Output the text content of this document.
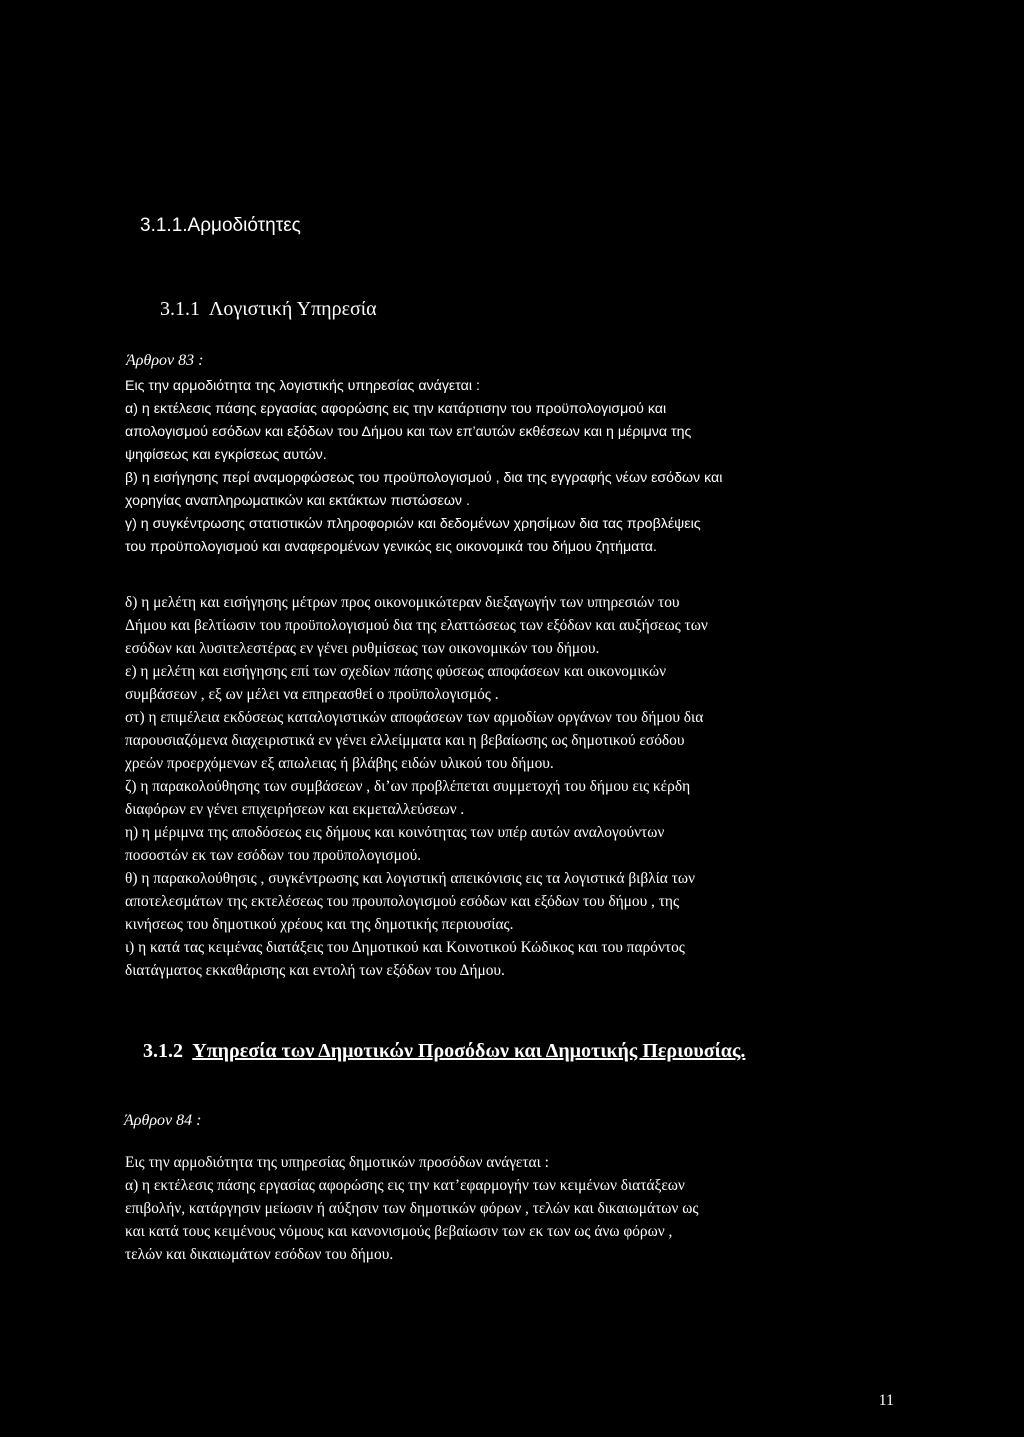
3.1.1.Αρμοδιότητες

3.1.1 Λογιστική Υπηρεσία

Άρθρον 83 :

Εις την αρμοδιότητα της λογιστικής υπηρεσίας ανάγεται :
α) η εκτέλεσις πάσης εργασίας αφορώσης εις την κατάρτισην του προϋπολογισμού και
απολογισμού εσόδων και εξόδων του Δήμου και των επ’αυτών εκθέσεων και η μέριμνα της
ψηφίσεως και εγκρίσεως αυτών.
β) η εισήγησης περί αναμορφώσεως του προϋπολογισμού , δια της εγγραφής νέων εσόδων και
χορηγίας αναπληρωματικών και εκτάκτων πιστώσεων .
γ) η συγκέντρωσης στατιστικών πληροφοριών και δεδομένων χρησίμων δια τας προβλέψεις
του προϋπολογισμού και αναφερομένων γενικώς εις οικονομικά του δήμου ζητήματα.
δ) η μελέτη και εισήγησης μέτρων προς οικονομικώτεραν διεξαγωγήν των υπηρεσιών του
Δήμου και βελτίωσιν του προϋπολογισμού δια της ελαττώσεως των εξόδων και αυξήσεως των
εσόδων και λυσιτελεστέρας εν γένει ρυθμίσεως των οικονομικών του δήμου.
ε) η μελέτη και εισήγησης επί των σχεδίων πάσης φύσεως αποφάσεων και οικονομικών
συμβάσεων , εξ ων μέλει να επηρεασθεί ο προϋπολογισμός .
στ) η επιμέλεια εκδόσεως καταλογιστικών αποφάσεων των αρμοδίων οργάνων του δήμου δια
παρουσιαζόμενα διαχειριστικά εν γένει ελλείμματα και η βεβαίωσης ως δημοτικού εσόδου
χρεών προερχόμενων εξ απωλειας ή βλάβης ειδών υλικού του δήμου.
ζ) η παρακολούθησης των συμβάσεων , δι’ων προβλέπεται συμμετοχή του δήμου εις κέρδη
διαφόρων εν γένει επιχειρήσεων και εκμεταλλεύσεων .
η) η μέριμνα της αποδόσεως εις δήμους και κοινότητας των υπέρ αυτών αναλογούντων
ποσοστών εκ των εσόδων του προϋπολογισμού.
θ) η παρακολούθησις , συγκέντρωσης και λογιστική απεικόνισις εις τα λογιστικά βιβλία των
αποτελεσμάτων της εκτελέσεως του προυπολογισμού εσόδων και εξόδων του δήμου , της
κινήσεως του δημοτικού χρέους και της δημοτικής περιουσίας.
ι) η κατά τας κειμένας διατάξεις του Δημοτικού και Κοινοτικού Κώδικος και του παρόντος
διατάγματος εκκαθάρισης και εντολή των εξόδων του Δήμου.

3.1.2 Υπηρεσία των Δημοτικών Προσόδων και Δημοτικής Περιουσίας.

Άρθρον 84 :

Εις την αρμοδιότητα της υπηρεσίας δημοτικών προσόδων ανάγεται :
α) η εκτέλεσις πάσης εργασίας αφορώσης εις την κατ’εφαρμογήν των κειμένων διατάξεων
επιβολήν, κατάργησιν μείωσιν ή αύξησιν των δημοτικών φόρων , τελών και δικαιωμάτων ως
και κατά τους κειμένους νόμους και κανονισμούς βεβαίωσιν των εκ των ως άνω φόρων ,
τελών και δικαιωμάτων εσόδων του δήμου.

11
